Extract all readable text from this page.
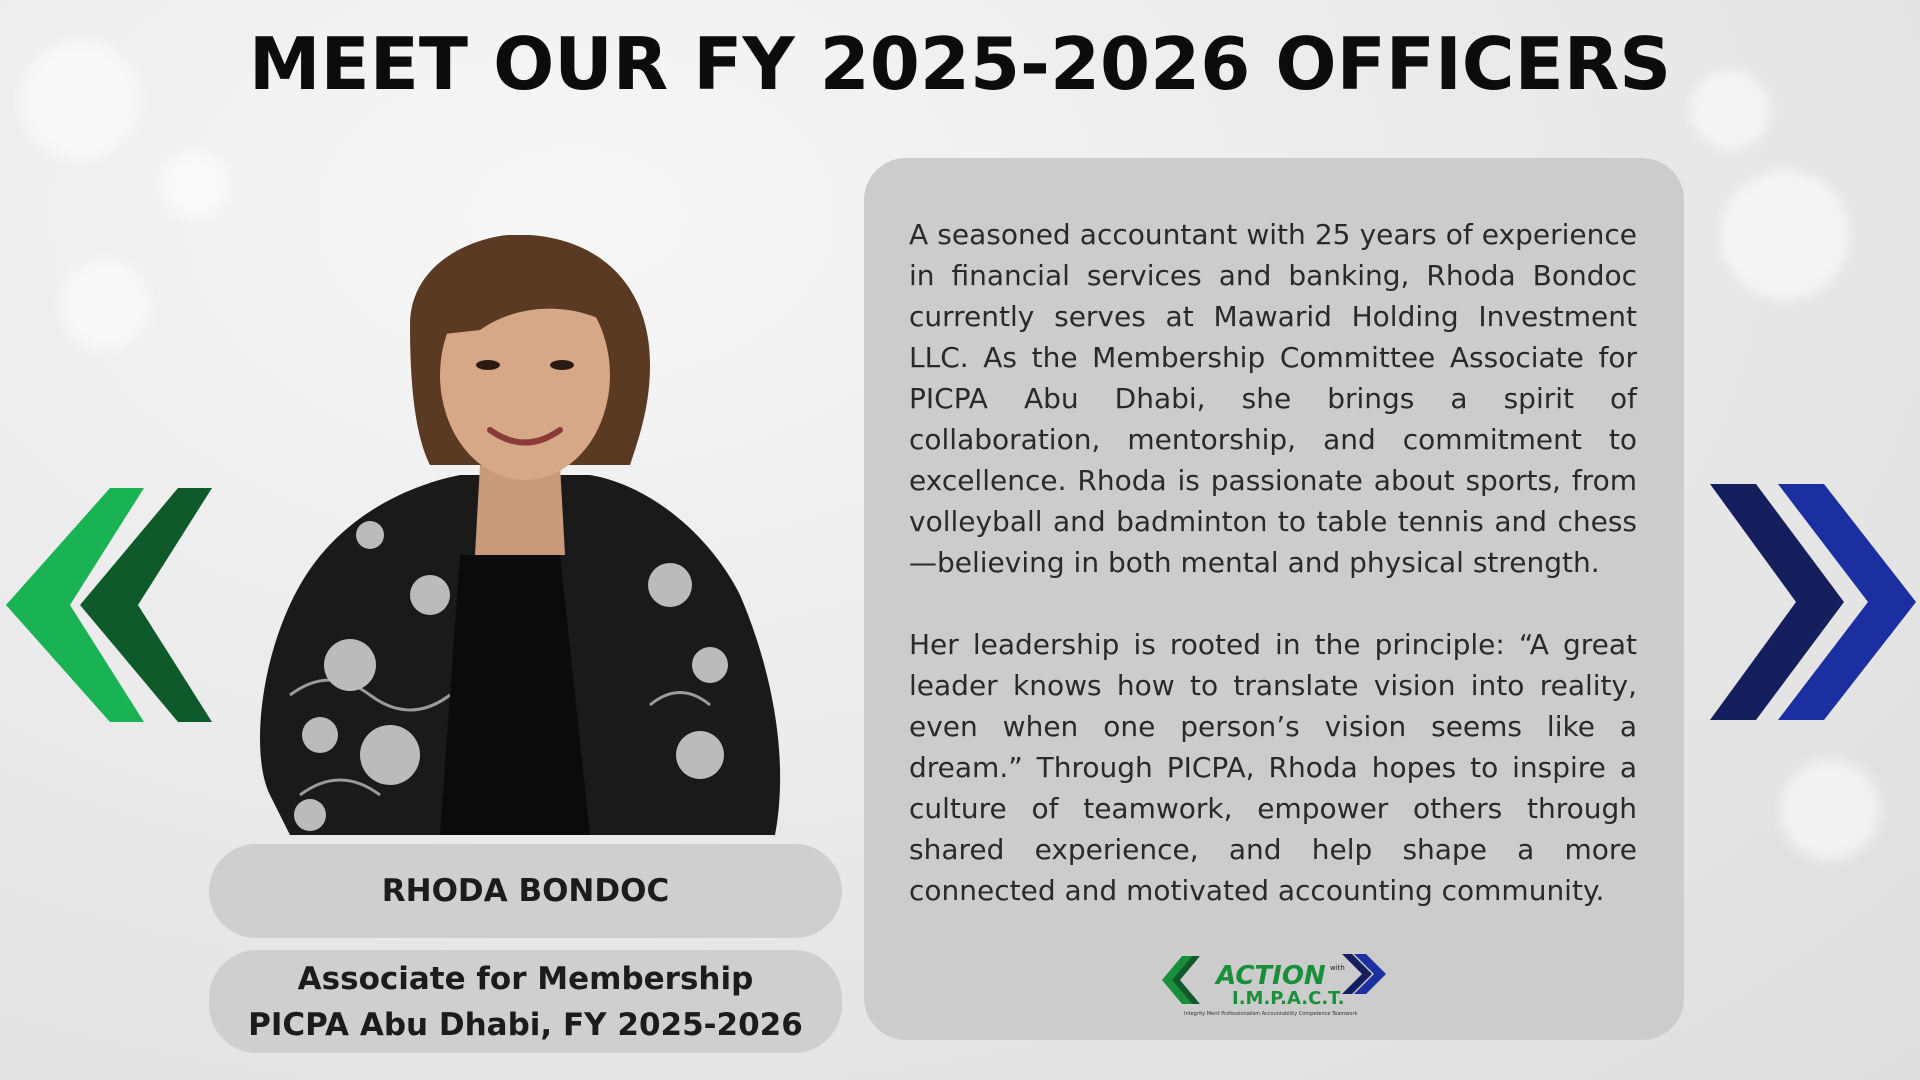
MEET OUR FY 2025-2026 OFFICERS
RHODA BONDOC
Associate for Membership
PICPA Abu Dhabi, FY 2025-2026

A seasoned accountant with 25 years of experience in financial services and banking, Rhoda Bondoc currently serves at Mawarid Holding Investment LLC. As the Membership Committee Associate for PICPA Abu Dhabi, she brings a spirit of collaboration, mentorship, and commitment to excellence. Rhoda is passionate about sports, from volleyball and badminton to table tennis and chess—believing in both mental and physical strength.

Her leadership is rooted in the principle: “A great leader knows how to translate vision into reality, even when one person’s vision seems like a dream.” Through PICPA, Rhoda hopes to inspire a culture of teamwork, empower others through shared experience, and help shape a more connected and motivated accounting community.

ACTION with
I.M.P.A.C.T.
Integrity Merit Professionalism Accountability Competence Teamwork
